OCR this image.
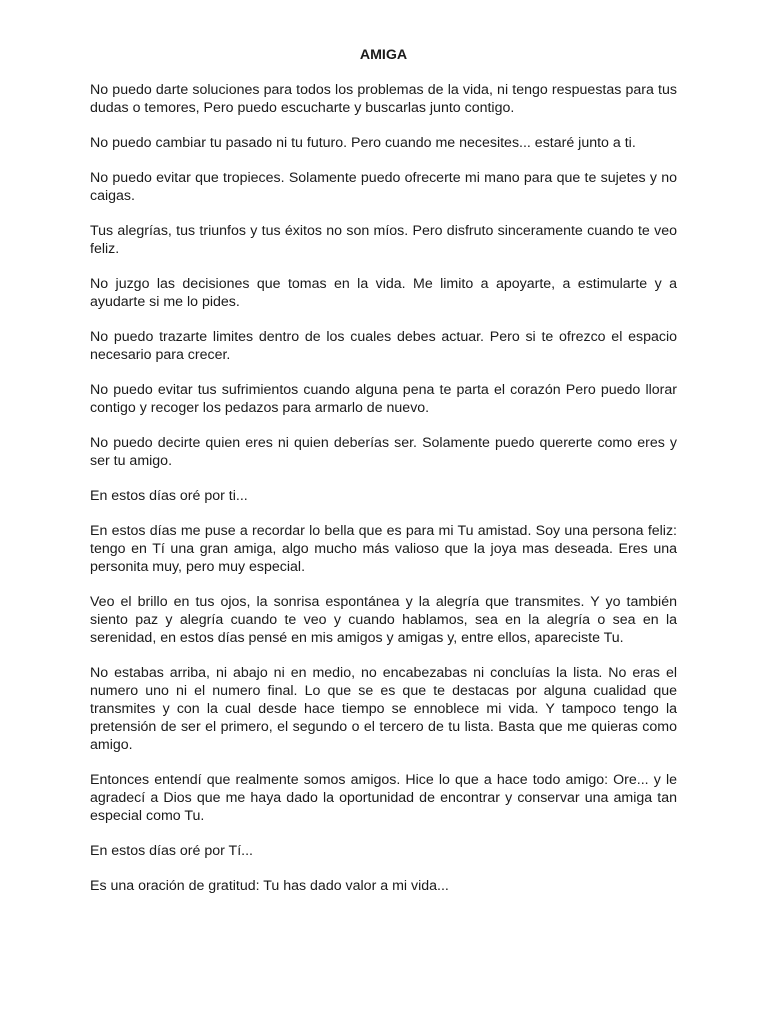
AMIGA

No puedo darte soluciones para todos los problemas de la vida, ni tengo respuestas para tus dudas o temores, Pero puedo escucharte y buscarlas junto contigo.

No puedo cambiar tu pasado ni tu futuro. Pero cuando me necesites... estaré junto a ti.

No puedo evitar que tropieces. Solamente puedo ofrecerte mi mano para que te sujetes y no caigas.

Tus alegrías, tus triunfos y tus éxitos no son míos. Pero disfruto sinceramente cuando te veo feliz.

No juzgo las decisiones que tomas en la vida. Me limito a apoyarte, a estimularte y a ayudarte si me lo pides.

No puedo trazarte limites dentro de los cuales debes actuar. Pero si te ofrezco el espacio necesario para crecer.

No puedo evitar tus sufrimientos cuando alguna pena te parta el corazón Pero puedo llorar contigo y recoger los pedazos para armarlo de nuevo.

No puedo decirte quien eres ni quien deberías ser. Solamente puedo quererte como eres y ser tu amigo.

En estos días oré por ti...

En estos días me puse a recordar lo bella que es para mi Tu amistad. Soy una persona feliz: tengo en Tí una gran amiga, algo mucho más valioso que la joya mas deseada. Eres una personita muy, pero muy especial.

Veo el brillo en tus ojos, la sonrisa espontánea y la alegría que transmites. Y yo también siento paz y alegría cuando te veo y cuando hablamos, sea en la alegría o sea en la serenidad, en estos días pensé en mis amigos y amigas y, entre ellos, apareciste Tu.

No estabas arriba, ni abajo ni en medio, no encabezabas ni concluías la lista. No eras el numero uno ni el numero final. Lo que se es que te destacas por alguna cualidad que transmites y con la cual desde hace tiempo se ennoblece mi vida. Y tampoco tengo la pretensión de ser el primero, el segundo o el tercero de tu lista. Basta que me quieras como amigo.

Entonces entendí que realmente somos amigos. Hice lo que a hace todo amigo: Ore... y le agradecí a Dios que me haya dado la oportunidad de encontrar y conservar una amiga tan especial como Tu.

En estos días oré por Tí...

Es una oración de gratitud: Tu has dado valor a mi vida...
